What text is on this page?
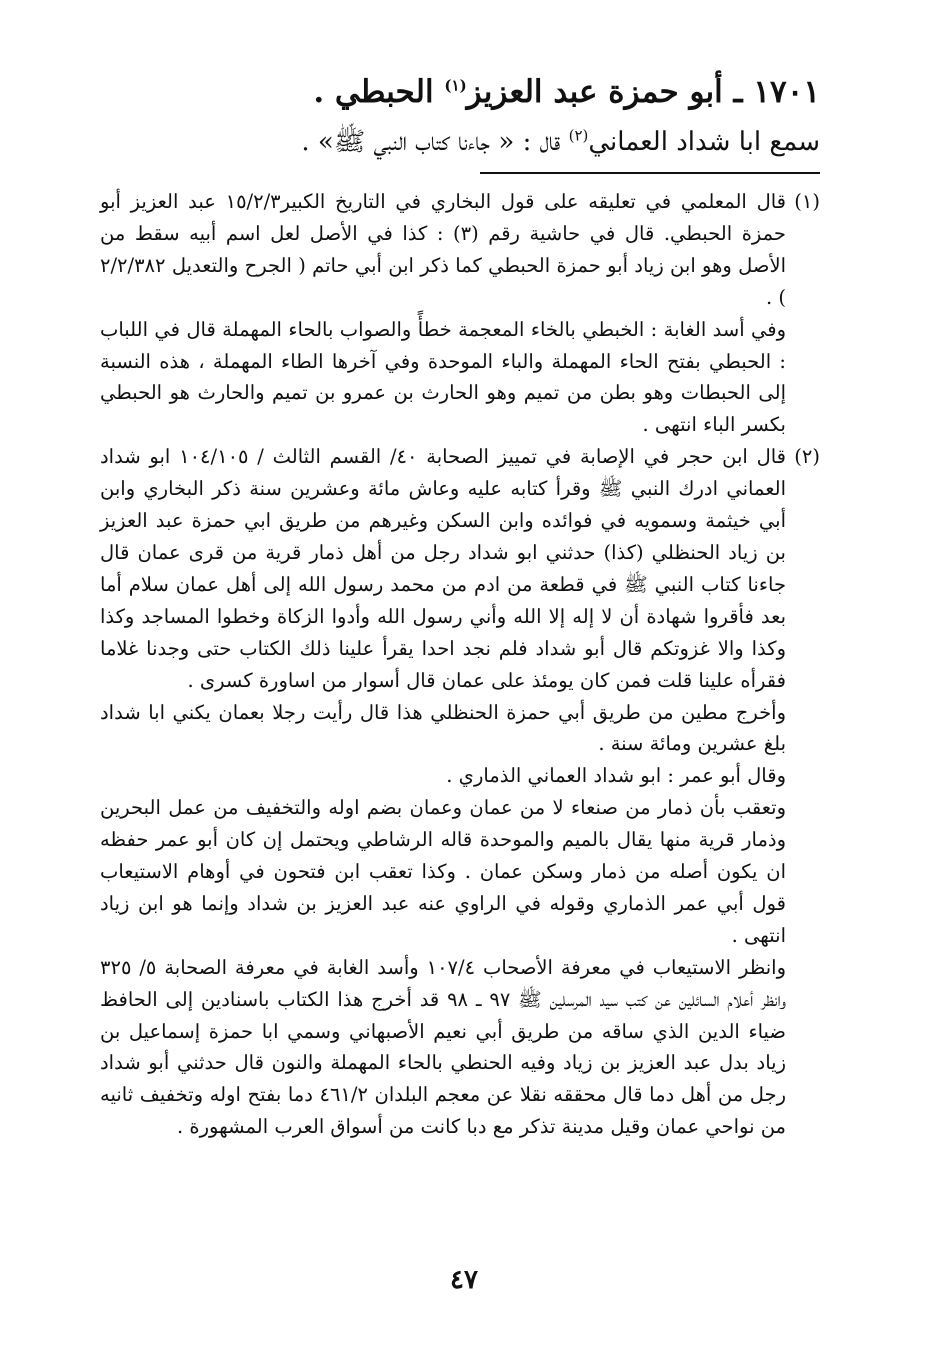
١٧٠١ ـ أبو حمزة عبد العزيز$^{(١)}$ الحبطي .

سمع ابا شداد العماني$^{(٢)}$ قال : « جاءنا كتاب النبي ﷺ» .

(١)

قال المعلمي في تعليقه على قول البخاري في التاريخ الكبير١٥/٢/٣ عبد العزيز أبو حمزة الحبطي. قال في حاشية رقم (٣) : كذا في الأصل لعل اسم أبيه سقط من الأصل وهو ابن زياد أبو حمزة الحبطي كما ذكر ابن أبي حاتم ( الجرح والتعديل ٢/٢/٣٨٢ ) .

وفي أسد الغابة : الخبطي بالخاء المعجمة خطأً والصواب بالحاء المهملة قال في اللباب : الحبطي بفتح الحاء المهملة والباء الموحدة وفي آخرها الطاء المهملة ، هذه النسبة إلى الحبطات وهو بطن من تميم وهو الحارث بن عمرو بن تميم والحارث هو الحبطي بكسر الباء انتهى .

(٢)

قال ابن حجر في الإصابة في تمييز الصحابة ٤٠/ القسم الثالث / ١٠٤/١٠٥ ابو شداد العماني ادرك النبي ﷺ وقرأ كتابه عليه وعاش مائة وعشرين سنة ذكر البخاري وابن أبي خيثمة وسمويه في فوائده وابن السكن وغيرهم من طريق ابي حمزة عبد العزيز بن زياد الحنظلي (كذا) حدثني ابو شداد رجل من أهل ذمار قرية من قرى عمان قال جاءنا كتاب النبي ﷺ في قطعة من ادم من محمد رسول الله إلى أهل عمان سلام أما بعد فأقروا شهادة أن لا إله إلا الله وأني رسول الله وأدوا الزكاة وخطوا المساجد وكذا وكذا والا غزوتكم قال أبو شداد فلم نجد احدا يقرأ علينا ذلك الكتاب حتى وجدنا غلاما فقرأه علينا قلت فمن كان يومئذ على عمان قال أسوار من اساورة كسرى .

وأخرج مطين من طريق أبي حمزة الحنظلي هذا قال رأيت رجلا بعمان يكني ابا شداد بلغ عشرين ومائة سنة .

وقال أبو عمر : ابو شداد العماني الذماري .

وتعقب بأن ذمار من صنعاء لا من عمان وعمان بضم اوله والتخفيف من عمل البحرين وذمار قرية منها يقال بالميم والموحدة قاله الرشاطي ويحتمل إن كان أبو عمر حفظه ان يكون أصله من ذمار وسكن عمان . وكذا تعقب ابن فتحون في أوهام الاستيعاب قول أبي عمر الذماري وقوله في الراوي عنه عبد العزيز بن شداد وإنما هو ابن زياد انتهى .

وانظر الاستيعاب في معرفة الأصحاب ١٠٧/٤ وأسد الغابة في معرفة الصحابة ٥/ ٣٢٥ وانظر أعلام السائلين عن كتب سيد المرسلين ﷺ ٩٧ ـ ٩٨ قد أخرج هذا الكتاب باسنادين إلى الحافظ ضياء الدين الذي ساقه من طريق أبي نعيم الأصبهاني وسمي ابا حمزة إسماعيل بن زياد بدل عبد العزيز بن زياد وفيه الحنطي بالحاء المهملة والنون قال حدثني أبو شداد رجل من أهل دما قال محققه نقلا عن معجم البلدان ٤٦١/٢ دما بفتح اوله وتخفيف ثانيه من نواحي عمان وقيل مدينة تذكر مع دبا كانت من أسواق العرب المشهورة .

٤٧
